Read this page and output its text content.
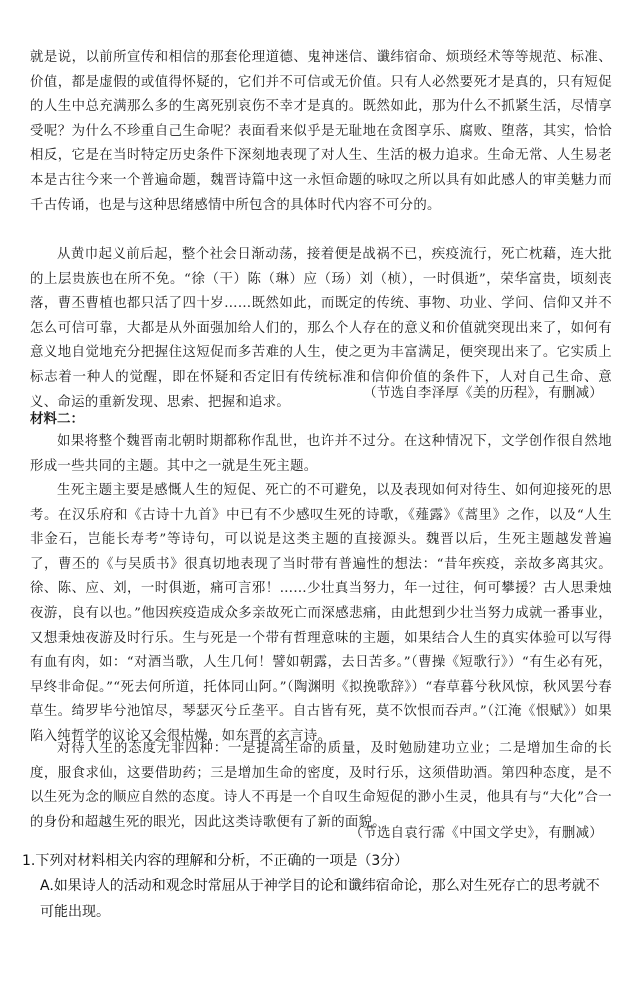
就是说，以前所宣传和相信的那套伦理道德、鬼神迷信、谶纬宿命、烦琐经术等等规范、标准、价值，都是虚假的或值得怀疑的，它们并不可信或无价值。只有人必然要死才是真的，只有短促的人生中总充满那么多的生离死别哀伤不幸才是真的。既然如此，那为什么不抓紧生活，尽情享受呢？为什么不珍重自己生命呢？表面看来似乎是无耻地在贪图享乐、腐败、堕落，其实，恰恰相反，它是在当时特定历史条件下深刻地表现了对人生、生活的极力追求。生命无常、人生易老本是古往今来一个普遍命题，魏晋诗篇中这一永恒命题的咏叹之所以具有如此感人的审美魅力而千古传诵，也是与这种思绪感情中所包含的具体时代内容不可分的。

从黄巾起义前后起，整个社会日渐动荡，接着便是战祸不已，疾疫流行，死亡枕藉，连大批的上层贵族也在所不免。“徐（干）陈（琳）应（玚）刘（桢），一时俱逝”，荣华富贵，顷刻丧落，曹丕曹植也都只活了四十岁……既然如此，而既定的传统、事物、功业、学问、信仰又并不怎么可信可靠，大都是从外面强加给人们的，那么个人存在的意义和价值就突现出来了，如何有意义地自觉地充分把握住这短促而多苦难的人生，使之更为丰富满足，便突现出来了。它实质上标志着一种人的觉醒，即在怀疑和否定旧有传统标准和信仰价值的条件下，人对自己生命、意义、命运的重新发现、思索、把握和追求。

（节选自李泽厚《美的历程》，有删减）

材料二：

如果将整个魏晋南北朝时期都称作乱世，也许并不过分。在这种情况下，文学创作很自然地形成一些共同的主题。其中之一就是生死主题。

生死主题主要是感慨人生的短促、死亡的不可避免，以及表现如何对待生、如何迎接死的思考。在汉乐府和《古诗十九首》中已有不少感叹生死的诗歌，《薤露》《蒿里》之作，以及“人生非金石，岂能长寿考”等诗句，可以说是这类主题的直接源头。魏晋以后，生死主题越发普遍了，曹丕的《与吴质书》很真切地表现了当时带有普遍性的想法：“昔年疾疫，亲故多离其灾。徐、陈、应、刘，一时俱逝，痛可言邪！……少壮真当努力，年一过往，何可攀援？古人思秉烛夜游，良有以也。”他因疾疫造成众多亲故死亡而深感悲痛，由此想到少壮当努力成就一番事业，又想秉烛夜游及时行乐。生与死是一个带有哲理意味的主题，如果结合人生的真实体验可以写得有血有肉，如：“对酒当歌，人生几何！譬如朝露，去日苦多。”（曹操《短歌行》）“有生必有死，早终非命促。”“死去何所道，托体同山阿。”（陶渊明《拟挽歌辞》）“春草暮兮秋风惊，秋风罢兮春草生。绮罗毕兮池馆尽，琴瑟灭兮丘垄平。自古皆有死，莫不饮恨而吞声。”（江淹《恨赋》）如果陷入纯哲学的议论又会很枯燥，如东晋的玄言诗。

对待人生的态度无非四种：一是提高生命的质量，及时勉励建功立业；二是增加生命的长度，服食求仙，这要借助药；三是增加生命的密度，及时行乐，这须借助酒。第四种态度，是不以生死为念的顺应自然的态度。诗人不再是一个自叹生命短促的渺小生灵，他具有与“大化”合一的身份和超越生死的眼光，因此这类诗歌便有了新的面貌。

（节选自袁行霈《中国文学史》，有删减）

1.下列对材料相关内容的理解和分析，不正确的一项是（3分）

A.如果诗人的活动和观念时常屈从于神学目的论和谶纬宿命论，那么对生死存亡的思考就不可能出现。
